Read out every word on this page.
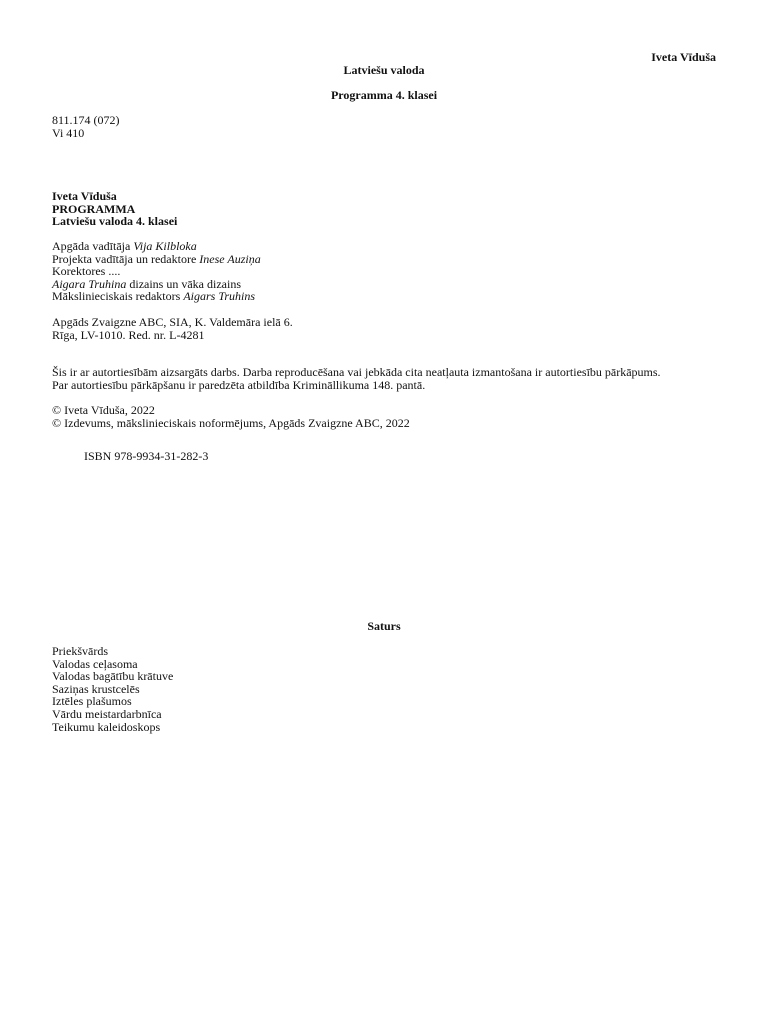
Iveta Vīduša
Latviešu valoda
Programma 4. klasei
811.174 (072)
Vi 410
Iveta Vīduša
PROGRAMMA
Latviešu valoda 4. klasei
Apgāda vadītāja Vija Kilbloka
Projekta vadītāja un redaktore Inese Auziņa
Korektores ....
Aigara Truhina dizains un vāka dizains
Mākslinieciskais redaktors Aigars Truhins
Apgāds Zvaigzne ABC, SIA, K. Valdemāra ielā 6.
Rīga, LV-1010. Red. nr. L-4281
Šis ir ar autortiesībām aizsargāts darbs. Darba reproducēšana vai jebkāda cita neatļauta izmantošana ir autortiesību pārkāpums.
Par autortiesību pārkāpšanu ir paredzēta atbildība Krimināllikuma 148. pantā.
© Iveta Vīduša, 2022
© Izdevums, mākslinieciskais noformējums, Apgāds Zvaigzne ABC, 2022
ISBN 978-9934-31-282-3
Saturs
Priekšvārds
Valodas ceļasoma
Valodas bagātību krātuve
Saziņas krustcelēs
Iztēles plašumos
Vārdu meistardarbnīca
Teikumu kaleidoskops
